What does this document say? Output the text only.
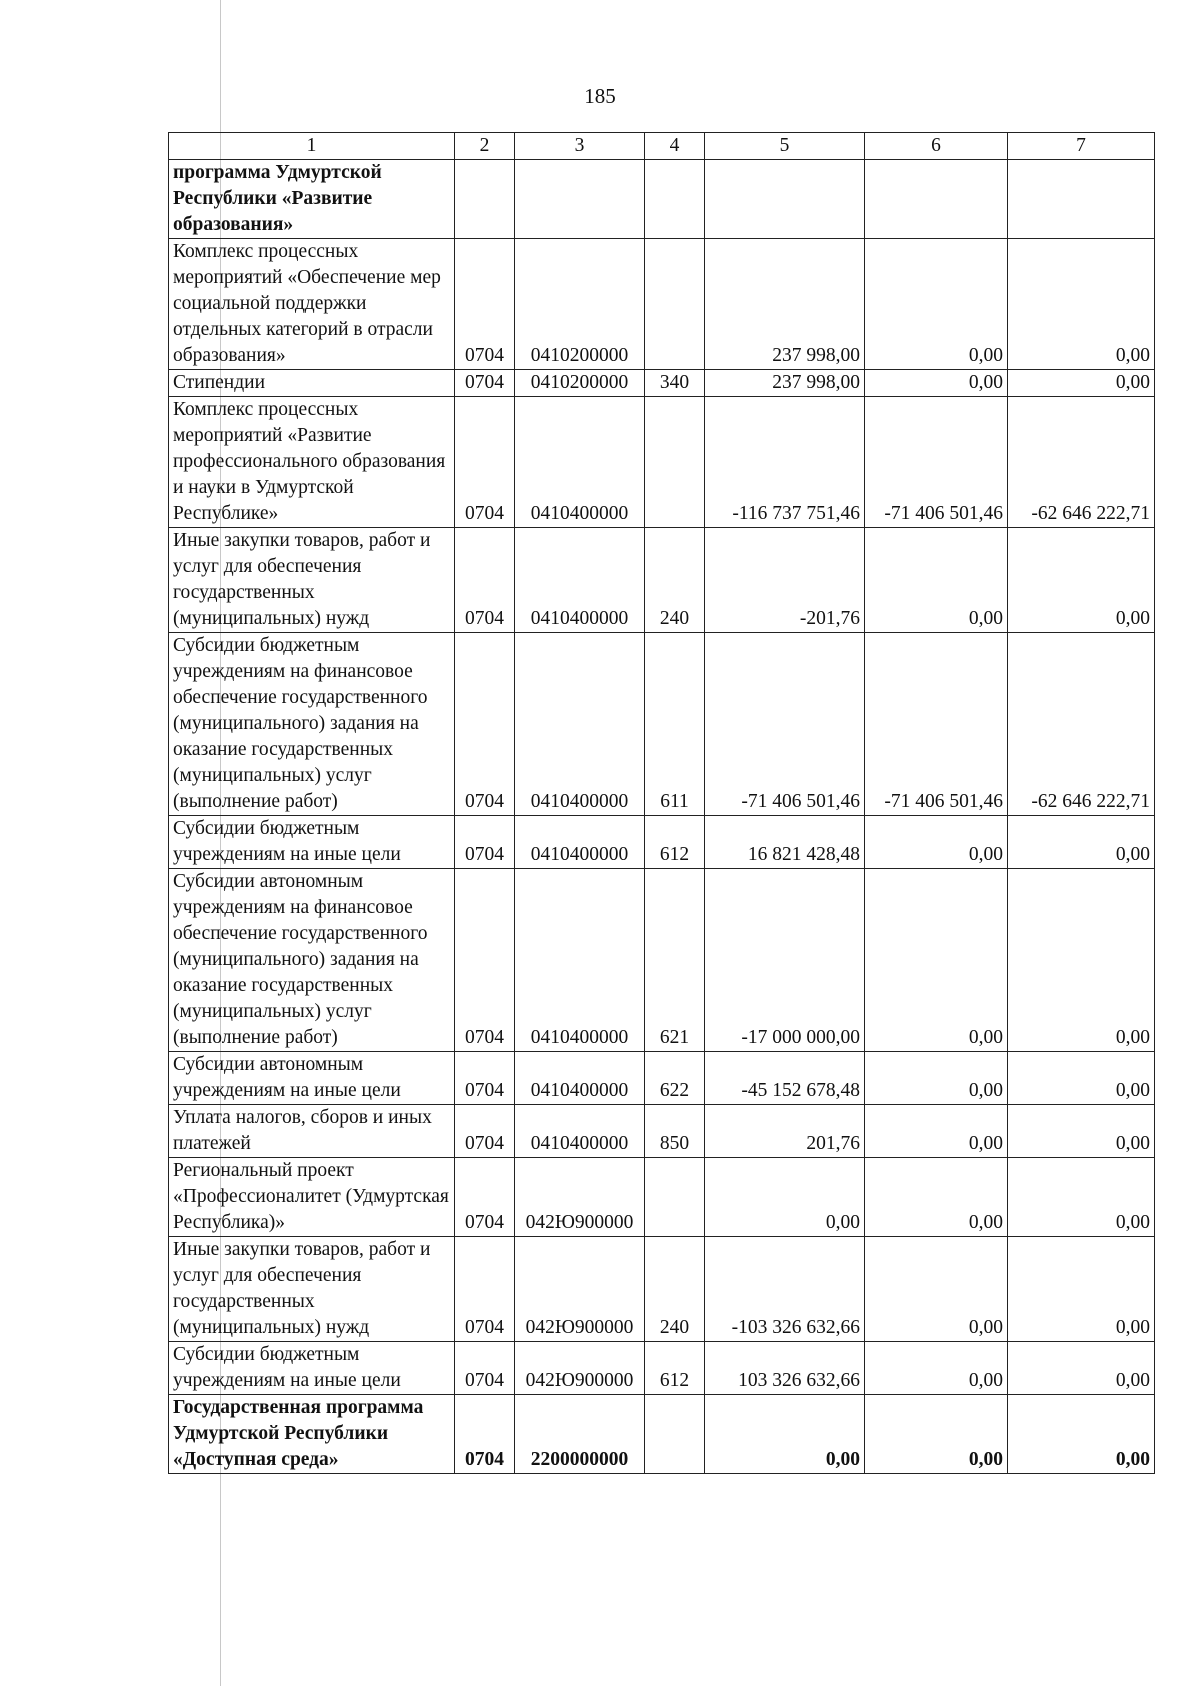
185
1	2	3	4	5	6	7
программа Удмуртской Республики «Развитие образования»						
Комплекс процессных мероприятий «Обеспечение мер социальной поддержки отдельных категорий в отрасли образования»	0704	0410200000		237 998,00	0,00	0,00
Стипендии	0704	0410200000	340	237 998,00	0,00	0,00
Комплекс процессных мероприятий «Развитие профессионального образования и науки в Удмуртской Республике»	0704	0410400000		-116 737 751,46	-71 406 501,46	-62 646 222,71
Иные закупки товаров, работ и услуг для обеспечения государственных (муниципальных) нужд	0704	0410400000	240	-201,76	0,00	0,00
Субсидии бюджетным учреждениям на финансовое обеспечение государственного (муниципального) задания на оказание государственных (муниципальных) услуг (выполнение работ)	0704	0410400000	611	-71 406 501,46	-71 406 501,46	-62 646 222,71
Субсидии бюджетным учреждениям на иные цели	0704	0410400000	612	16 821 428,48	0,00	0,00
Субсидии автономным учреждениям на финансовое обеспечение государственного (муниципального) задания на оказание государственных (муниципальных) услуг (выполнение работ)	0704	0410400000	621	-17 000 000,00	0,00	0,00
Субсидии автономным учреждениям на иные цели	0704	0410400000	622	-45 152 678,48	0,00	0,00
Уплата налогов, сборов и иных платежей	0704	0410400000	850	201,76	0,00	0,00
Региональный проект «Профессионалитет (Удмуртская Республика)»	0704	042Ю900000		0,00	0,00	0,00
Иные закупки товаров, работ и услуг для обеспечения государственных (муниципальных) нужд	0704	042Ю900000	240	-103 326 632,66	0,00	0,00
Субсидии бюджетным учреждениям на иные цели	0704	042Ю900000	612	103 326 632,66	0,00	0,00
Государственная программа Удмуртской Республики «Доступная среда»	0704	2200000000		0,00	0,00	0,00
